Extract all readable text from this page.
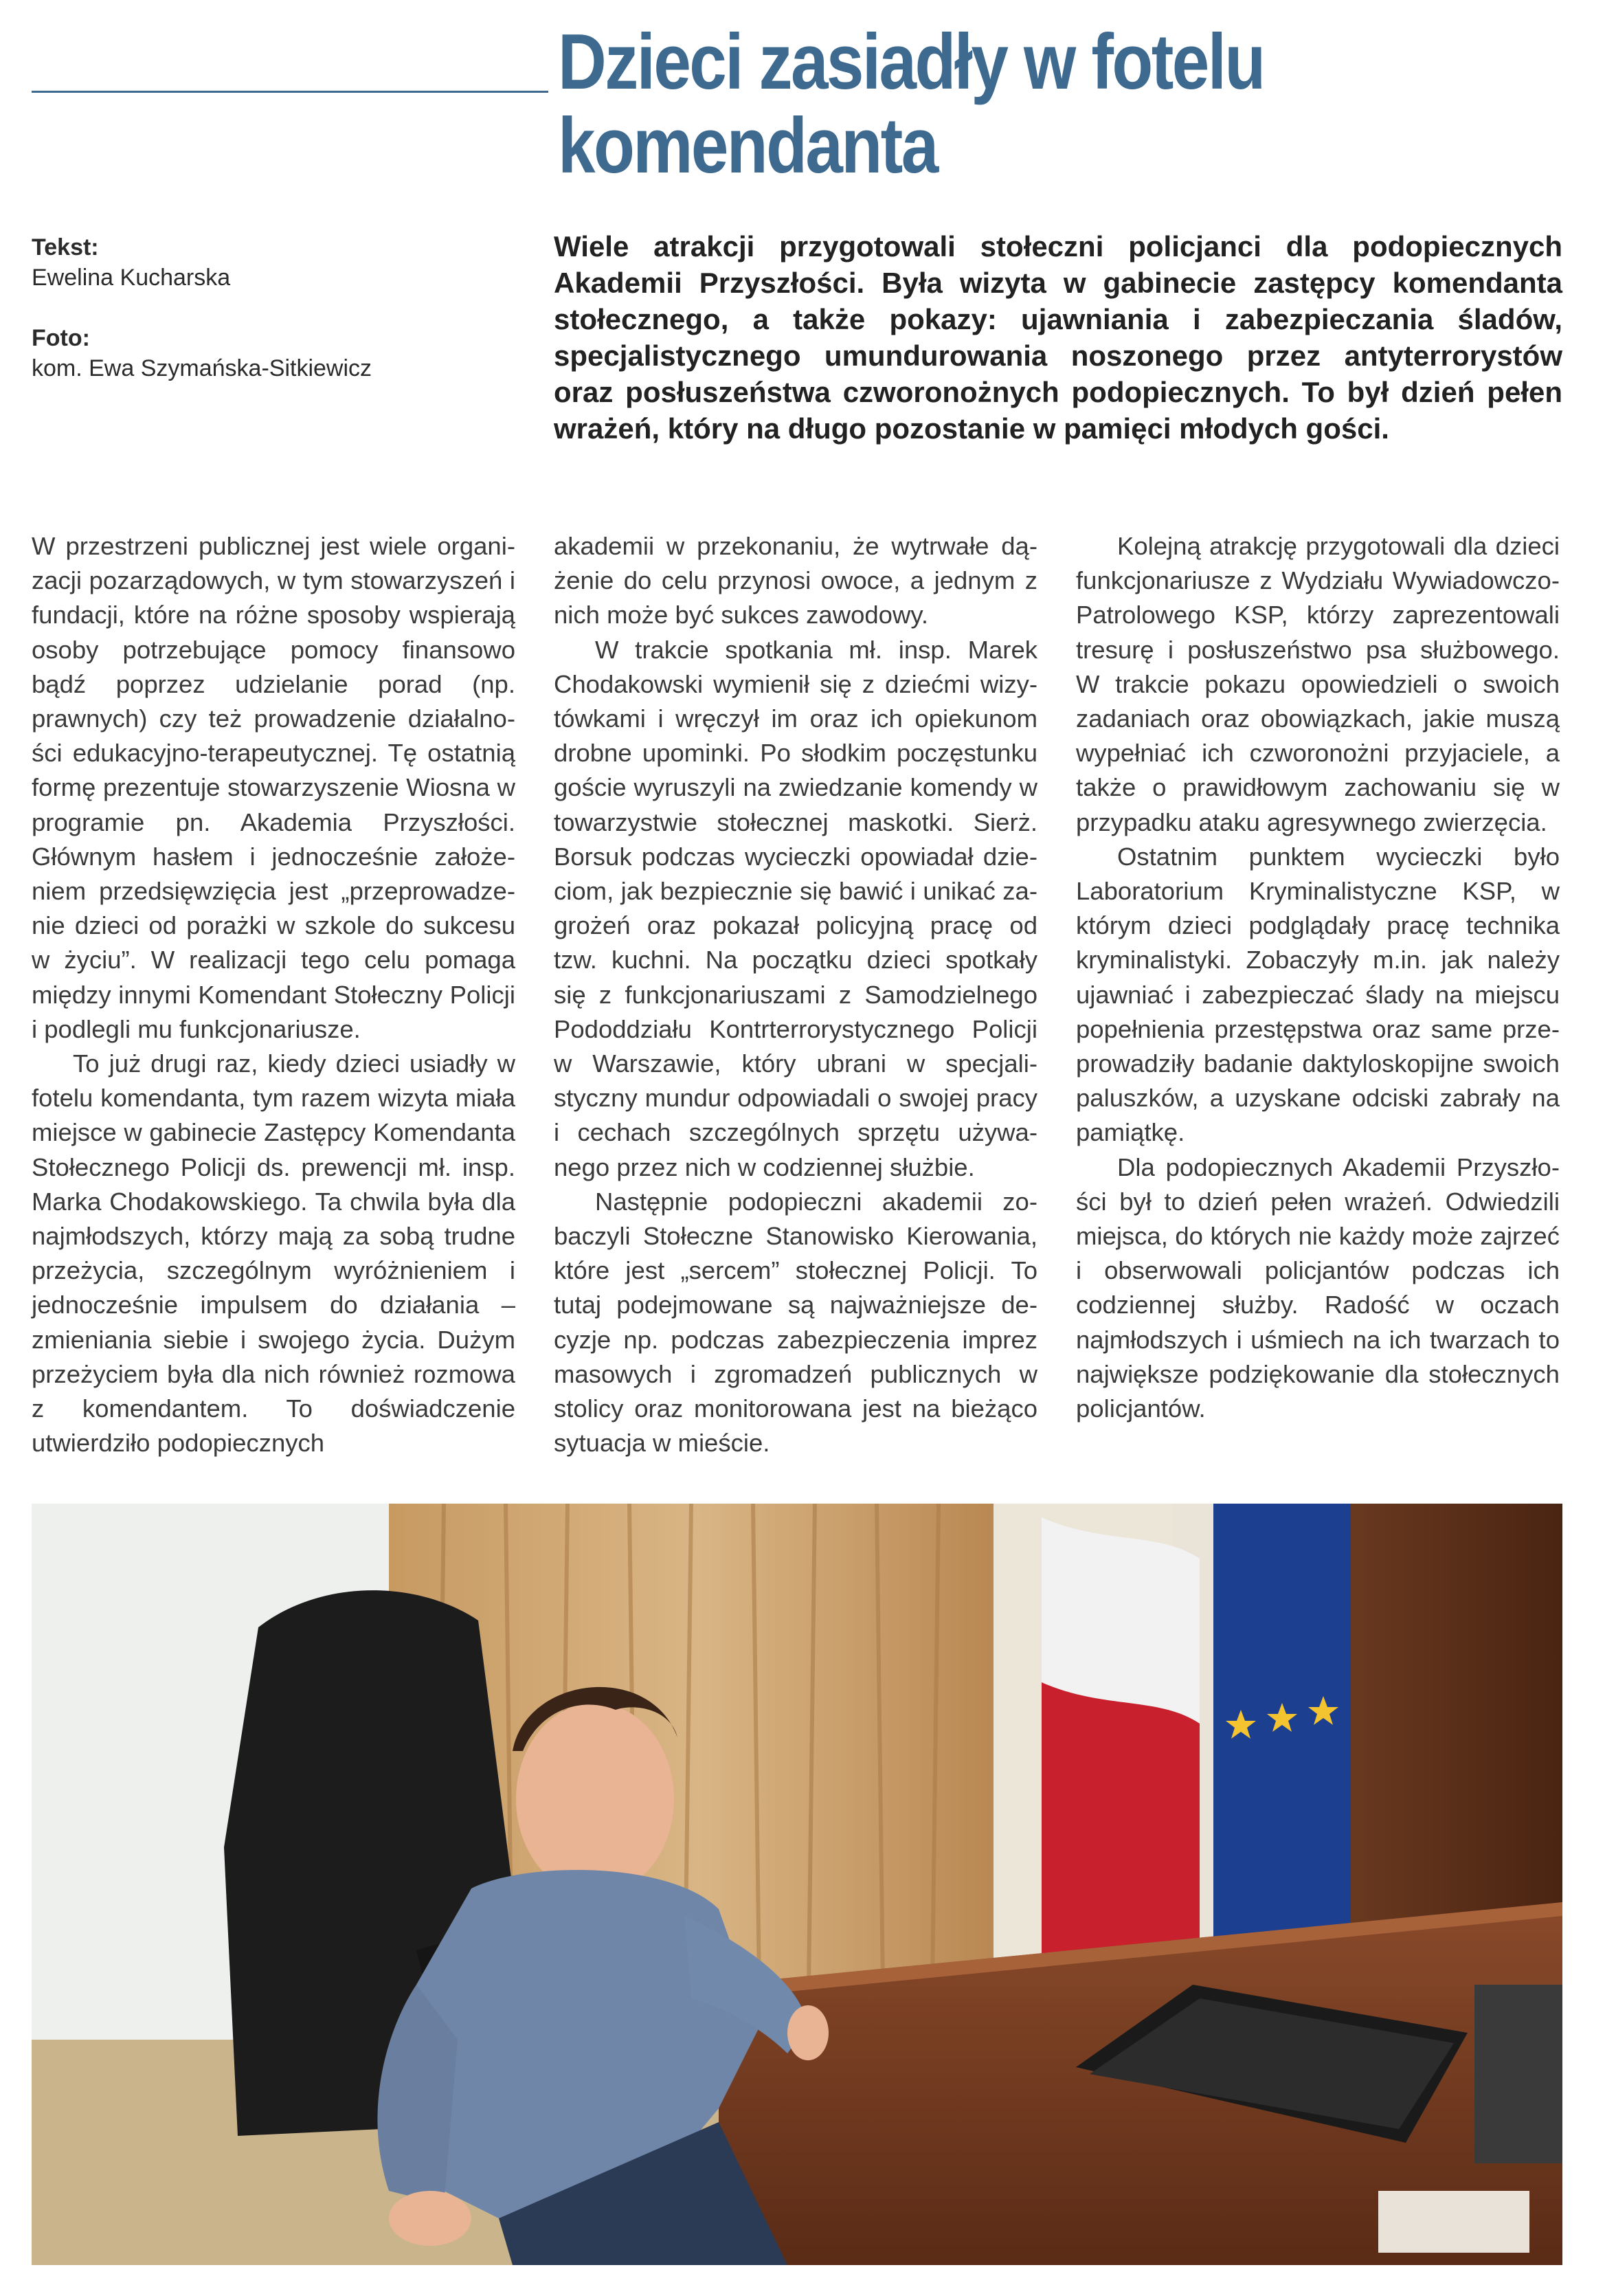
Dzieci zasiadły w fotelu
komendanta
Tekst:
Ewelina Kucharska
Foto:
kom. Ewa Szymańska-Sitkiewicz

Wiele atrakcji przygotowali stołeczni policjanci dla podopiecznych Akademii Przyszłości. Była wizyta w gabinecie zastępcy komendanta stołecznego, a także pokazy: ujawniania i zabezpieczania śladów, specjalistycznego umundurowania noszonego przez antyterrorystów oraz posłuszeństwa czworonożnych podopiecznych. To był dzień pełen wrażeń, który na długo pozostanie w pamięci młodych gości.

W przestrzeni publicznej jest wiele organizacji pozarządowych, w tym stowarzyszeń i fundacji, które na różne sposoby wspierają osoby potrzebujące pomocy finansowo bądź poprzez udzielanie porad (np. prawnych) czy też prowadzenie działalności edukacyjno-terapeutycznej. Tę ostatnią formę prezentuje stowarzyszenie Wiosna w programie pn. Akademia Przyszłości. Głównym hasłem i jednocześnie założeniem przedsięwzięcia jest „przeprowadzenie dzieci od porażki w szkole do sukcesu w życiu”. W realizacji tego celu pomaga między innymi Komendant Stołeczny Policji i podlegli mu funkcjonariusze.

To już drugi raz, kiedy dzieci usiadły w fotelu komendanta, tym razem wizyta miała miejsce w gabinecie Zastępcy Komendanta Stołecznego Policji ds. prewencji mł. insp. Marka Chodakowskiego. Ta chwila była dla najmłodszych, którzy mają za sobą trudne przeżycia, szczególnym wyróżnieniem i jednocześnie impulsem do działania – zmieniania siebie i swojego życia. Dużym przeżyciem była dla nich również rozmowa z komendantem. To doświadczenie utwierdziło podopiecznych

akademii w przekonaniu, że wytrwałe dążenie do celu przynosi owoce, a jednym z nich może być sukces zawodowy.

W trakcie spotkania mł. insp. Marek Chodakowski wymienił się z dziećmi wizytówkami i wręczył im oraz ich opiekunom drobne upominki. Po słodkim poczęstunku goście wyruszyli na zwiedzanie komendy w towarzystwie stołecznej maskotki. Sierż. Borsuk podczas wycieczki opowiadał dzieciom, jak bezpiecznie się bawić i unikać zagrożeń oraz pokazał policyjną pracę od tzw. kuchni. Na początku dzieci spotkały się z funkcjonariuszami z Samodzielnego Pododdziału Kontrterrorystycznego Policji w Warszawie, który ubrani w specjalistyczny mundur odpowiadali o swojej pracy i cechach szczególnych sprzętu używanego przez nich w codziennej służbie.

Następnie podopieczni akademii zobaczyli Stołeczne Stanowisko Kierowania, które jest „sercem” stołecznej Policji. To tutaj podejmowane są najważniejsze decyzje np. podczas zabezpieczenia imprez masowych i zgromadzeń publicznych w stolicy oraz monitorowana jest na bieżąco sytuacja w mieście.

Kolejną atrakcję przygotowali dla dzieci funkcjonariusze z Wydziału Wywiadowczo-Patrolowego KSP, którzy zaprezentowali tresurę i posłuszeństwo psa służbowego. W trakcie pokazu opowiedzieli o swoich zadaniach oraz obowiązkach, jakie muszą wypełniać ich czworonożni przyjaciele, a także o prawidłowym zachowaniu się w przypadku ataku agresywnego zwierzęcia.

Ostatnim punktem wycieczki było Laboratorium Kryminalistyczne KSP, w którym dzieci podglądały pracę technika kryminalistyki. Zobaczyły m.in. jak należy ujawniać i zabezpieczać ślady na miejscu popełnienia przestępstwa oraz same przeprowadziły badanie daktyloskopijne swoich paluszków, a uzyskane odciski zabrały na pamiątkę.

Dla podopiecznych Akademii Przyszłości był to dzień pełen wrażeń. Odwiedzili miejsca, do których nie każdy może zajrzeć i obserwowali policjantów podczas ich codziennej służby. Radość w oczach najmłodszych i uśmiech na ich twarzach to największe podziękowanie dla stołecznych policjantów.
